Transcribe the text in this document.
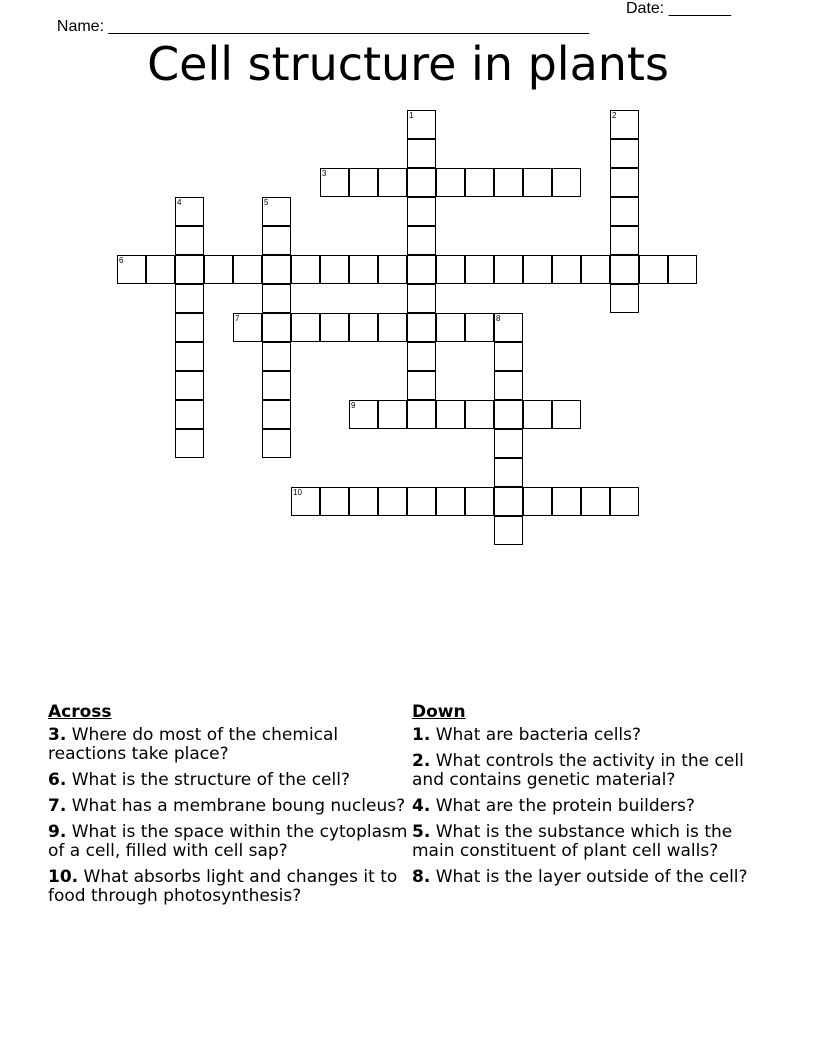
Name: ______________________________________________________

Date: _______

Cell structure in plants
1	2
3
4	5
6
7	8
9
10
Across
3. Where do most of the chemical reactions take place?
6. What is the structure of the cell?
7. What has a membrane boung nucleus?
9. What is the space within the cytoplasm of a cell, filled with cell sap?
10. What absorbs light and changes it to food through photosynthesis?
Down
1. What are bacteria cells?
2. What controls the activity in the cell and contains genetic material?
4. What are the protein builders?
5. What is the substance which is the main constituent of plant cell walls?
8. What is the layer outside of the cell?
